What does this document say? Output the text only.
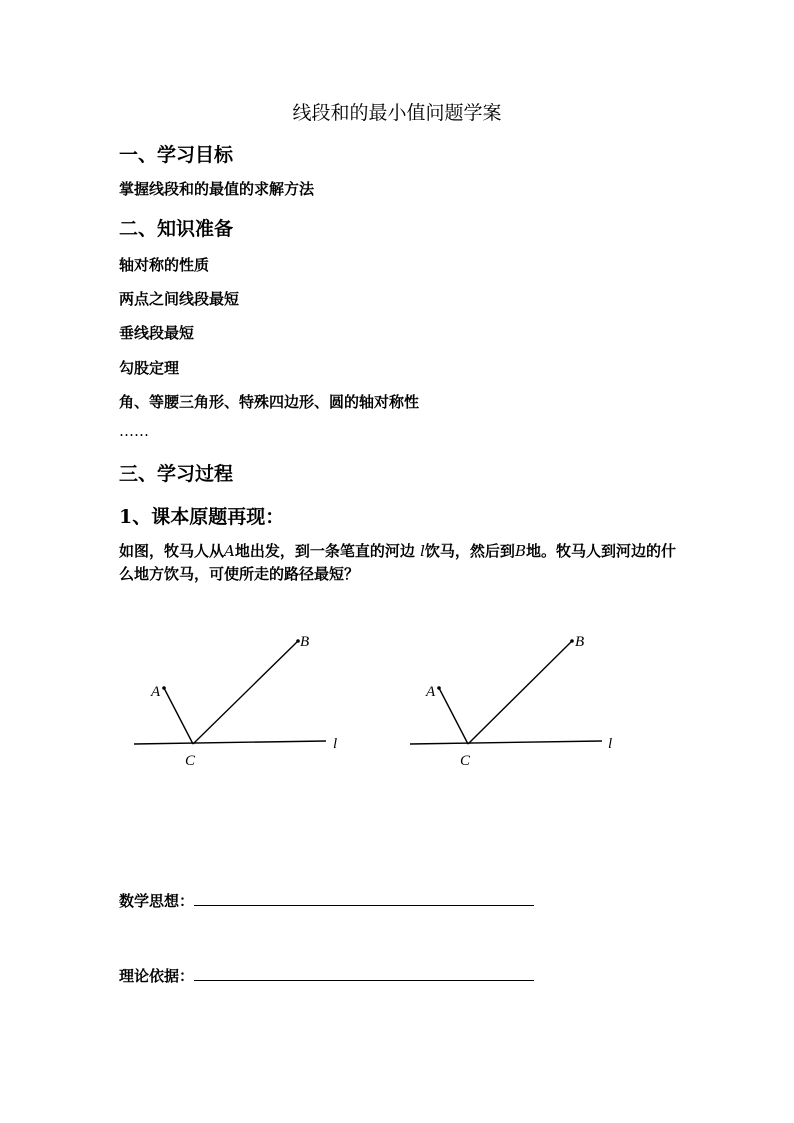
线段和的最小值问题学案
一、学习目标
掌握线段和的最值的求解方法
二、知识准备
轴对称的性质
两点之间线段最短
垂线段最短
勾股定理
角、等腰三角形、特殊四边形、圆的轴对称性
……
三、学习过程
1、课本原题再现：
如图，牧马人从A地出发，到一条笔直的河边 l饮马，然后到B地。牧马人到河边的什么地方饮马，可使所走的路径最短？
A
B
C
l
A
B
C
l
数学思想：
理论依据：
